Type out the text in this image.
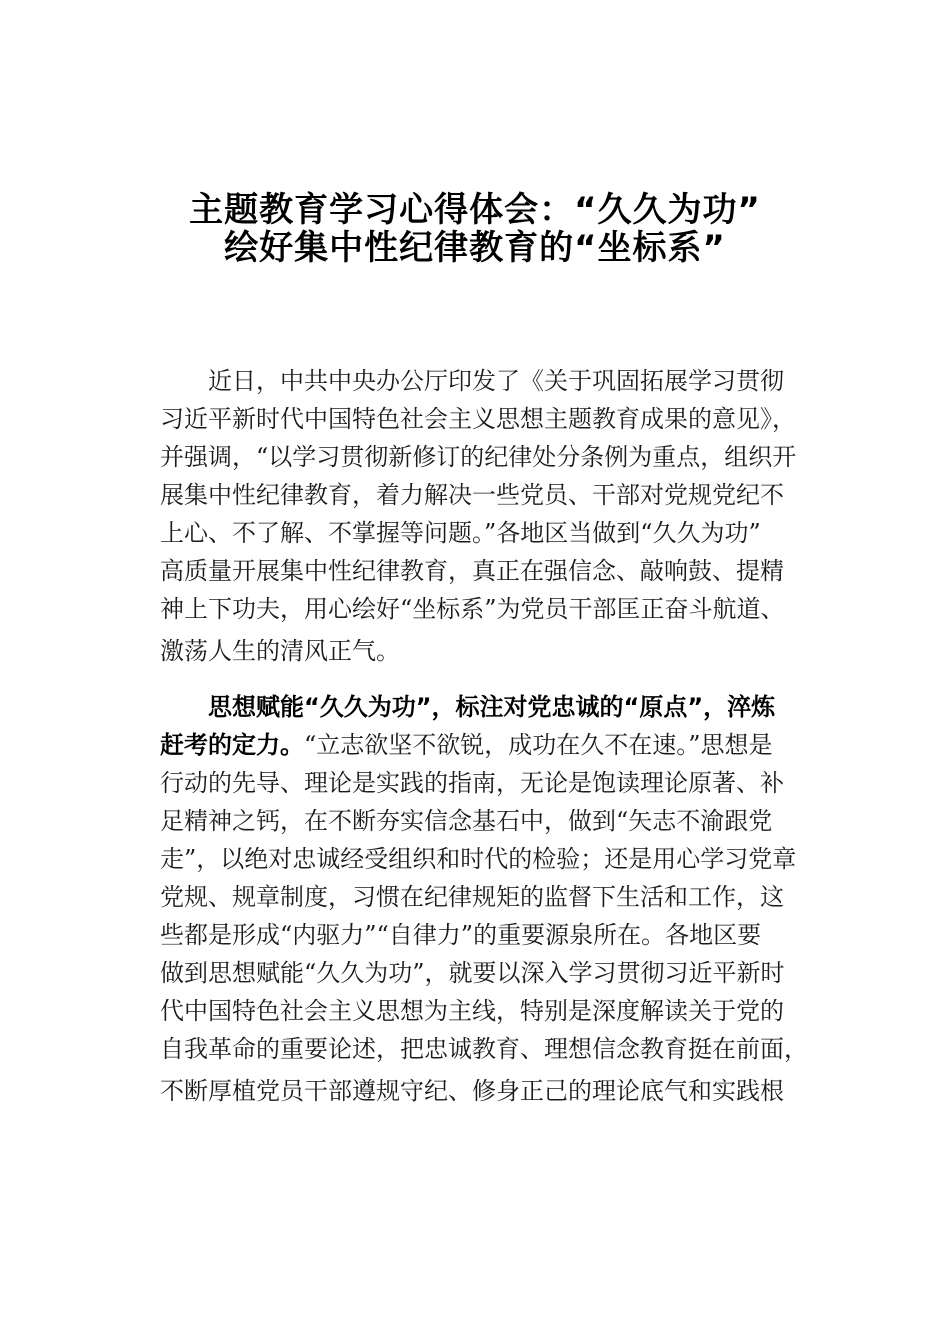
主题教育学习心得体会：“久久为功”
绘好集中性纪律教育的“坐标系”
近日，中共中央办公厅印发了《关于巩固拓展学习贯彻
习近平新时代中国特色社会主义思想主题教育成果的意见》，
并强调，“以学习贯彻新修订的纪律处分条例为重点，组织开
展集中性纪律教育，着力解决一些党员、干部对党规党纪不
上心、不了解、不掌握等问题。”各地区当做到“久久为功”
高质量开展集中性纪律教育，真正在强信念、敲响鼓、提精
神上下功夫，用心绘好“坐标系”为党员干部匡正奋斗航道、
激荡人生的清风正气。
思想赋能“久久为功”，标注对党忠诚的“原点”，淬炼
赶考的定力。“立志欲坚不欲锐，成功在久不在速。”思想是
行动的先导、理论是实践的指南，无论是饱读理论原著、补
足精神之钙，在不断夯实信念基石中，做到“矢志不渝跟党
走”，以绝对忠诚经受组织和时代的检验；还是用心学习党章
党规、规章制度，习惯在纪律规矩的监督下生活和工作，这
些都是形成“内驱力”“自律力”的重要源泉所在。各地区要
做到思想赋能“久久为功”，就要以深入学习贯彻习近平新时
代中国特色社会主义思想为主线，特别是深度解读关于党的
自我革命的重要论述，把忠诚教育、理想信念教育挺在前面，
不断厚植党员干部遵规守纪、修身正己的理论底气和实践根
